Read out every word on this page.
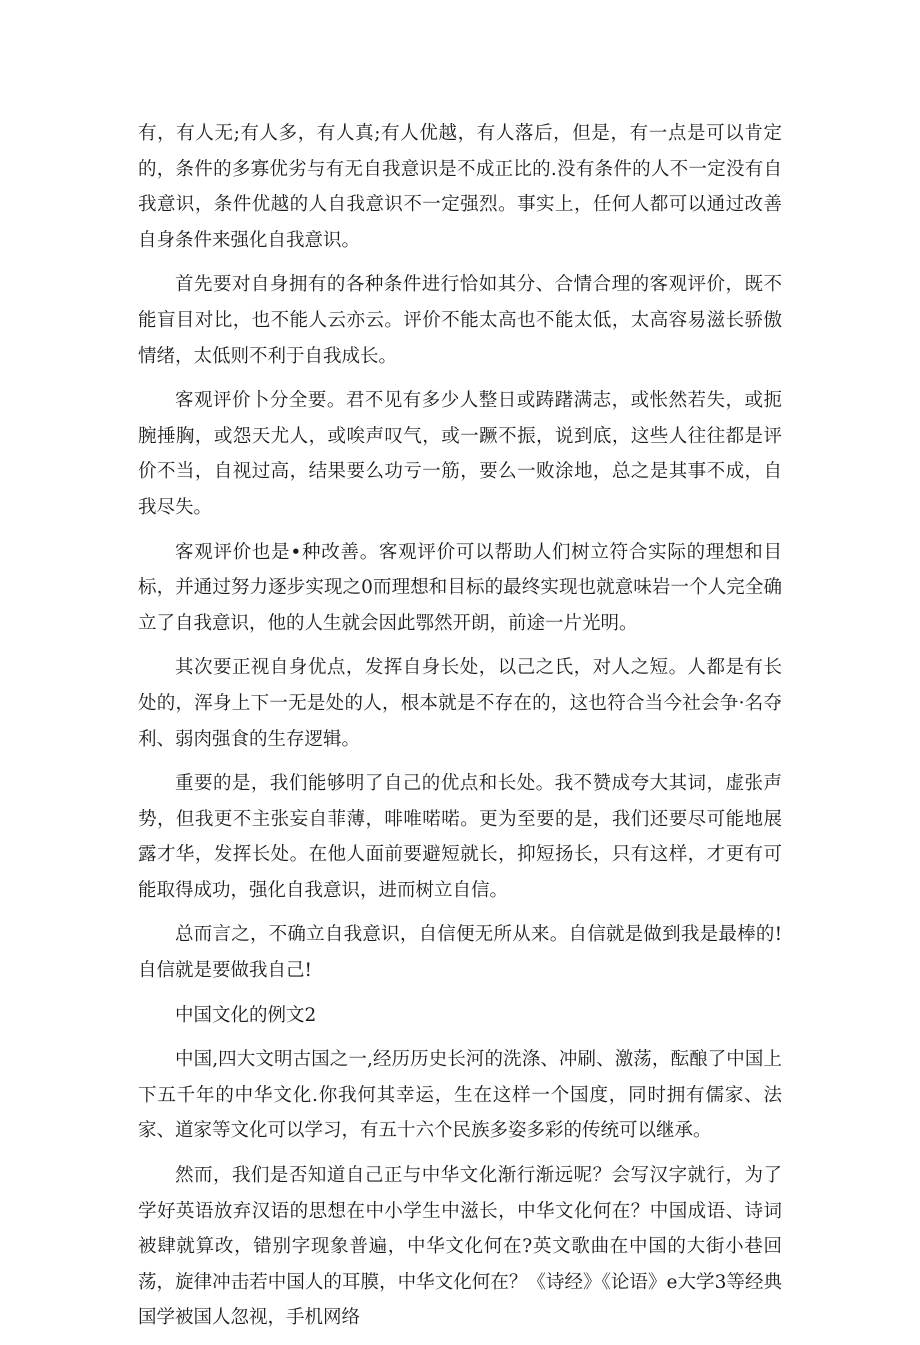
有，有人无;有人多，有人真;有人优越，有人落后，但是，有一点是可以肯定的，条件的多寡优劣与有无自我意识是不成正比的.没有条件的人不一定没有自我意识，条件优越的人自我意识不一定强烈。事实上，任何人都可以通过改善自身条件来强化自我意识。

首先要对自身拥有的各种条件进行恰如其分、合情合理的客观评价，既不能盲目对比，也不能人云亦云。评价不能太高也不能太低，太高容易滋长骄傲情绪，太低则不利于自我成长。

客观评价卜分全要。君不见有多少人整日或踌躇满志，或怅然若失，或扼腕捶胸，或怨天尤人，或唉声叹气，或一蹶不振，说到底，这些人往往都是评价不当，自视过高，结果要么功亏一筋，要么一败涂地，总之是其事不成，自我尽失。

客观评价也是•种改善。客观评价可以帮助人们树立符合实际的理想和目标，并通过努力逐步实现之0而理想和目标的最终实现也就意味岩一个人完全确立了自我意识，他的人生就会因此鄂然开朗，前途一片光明。

其次要正视自身优点，发挥自身长处，以己之氏，对人之短。人都是有长处的，浑身上下一无是处的人，根本就是不存在的，这也符合当今社会争·名夺利、弱肉强食的生存逻辑。

重要的是，我们能够明了自己的优点和长处。我不赞成夸大其词，虚张声势，但我更不主张妄自菲薄，啡唯喏喏。更为至要的是，我们还要尽可能地展露才华，发挥长处。在他人面前要避短就长，抑短扬长，只有这样，才更有可能取得成功，强化自我意识，进而树立自信。

总而言之，不确立自我意识，自信便无所从来。自信就是做到我是最棒的!自信就是要做我自己!

中国文化的例文2

中国,四大文明古国之一,经历历史长河的洗涤、冲刷、激荡，酝酿了中国上下五千年的中华文化.你我何其幸运，生在这样一个国度，同时拥有儒家、法家、道家等文化可以学习，有五十六个民族多姿多彩的传统可以继承。

然而，我们是否知道自己正与中华文化渐行渐远呢？会写汉字就行，为了学好英语放弃汉语的思想在中小学生中滋长，中华文化何在？中国成语、诗词被肆就算改，错别字现象普遍，中华文化何在?英文歌曲在中国的大街小巷回荡，旋律冲击若中国人的耳膜，中华文化何在？《诗经》《论语》e大学3等经典国学被国人忽视，手机网络
